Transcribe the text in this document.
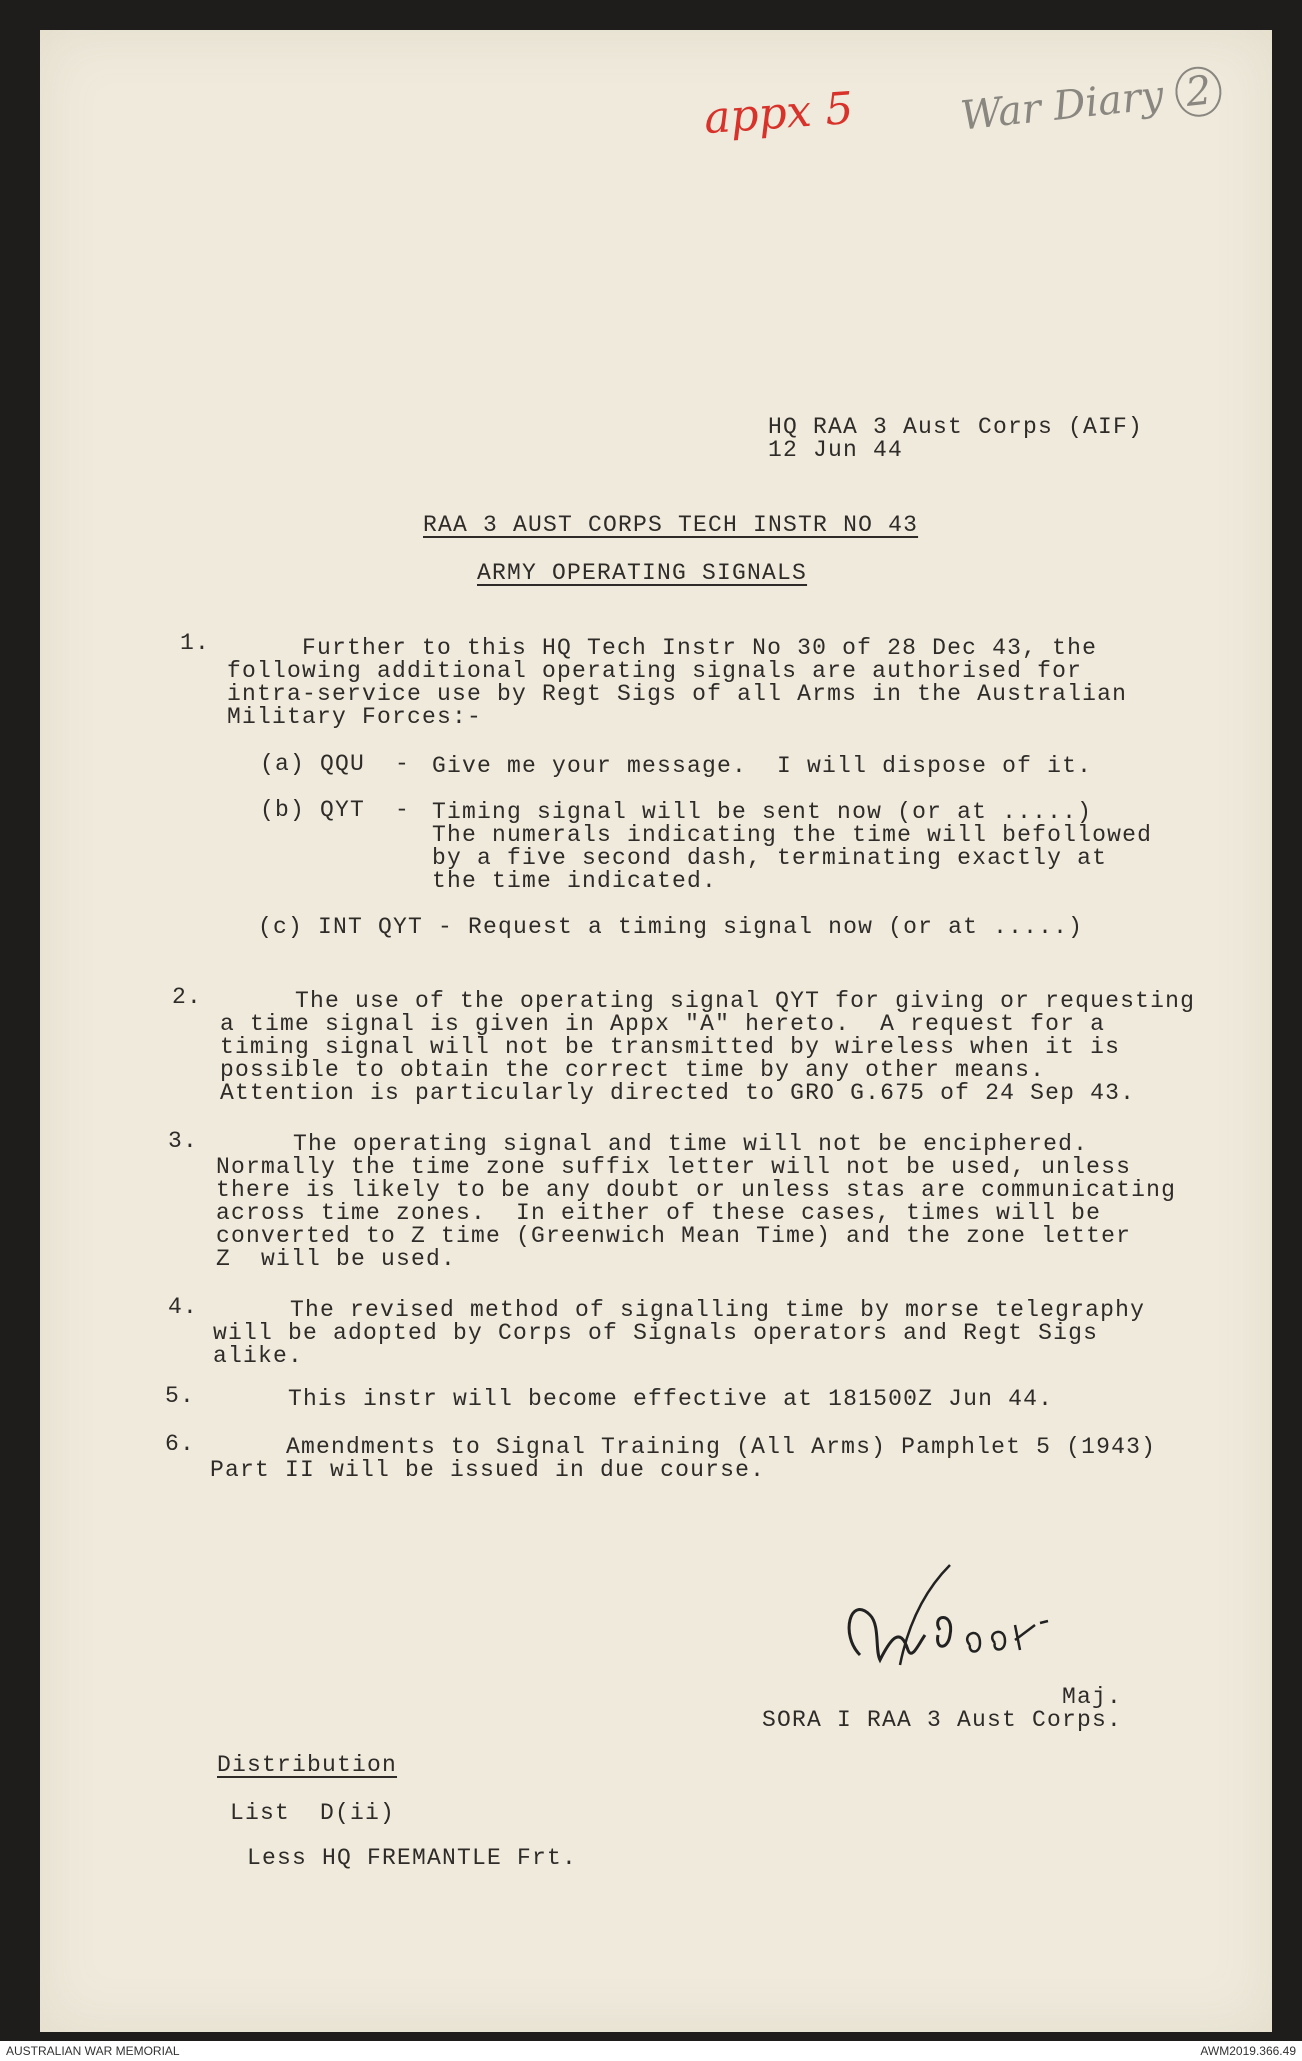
appx 5	War Diary 2
HQ RAA 3 Aust Corps (AIF)
12 Jun 44
RAA 3 AUST CORPS TECH INSTR NO 43
ARMY OPERATING SIGNALS
1.	Further to this HQ Tech Instr No 30 of 28 Dec 43, the
following additional operating signals are authorised for
intra-service use by Regt Sigs of all Arms in the Australian
Military Forces:-
(a) QQU  - Give me your message.  I will dispose of it.
(b) QYT  - Timing signal will be sent now (or at .....)
The numerals indicating the time will befollowed
by a five second dash, terminating exactly at
the time indicated.
(c) INT QYT - Request a timing signal now (or at .....)
2.	The use of the operating signal QYT for giving or requesting
a time signal is given in Appx "A" hereto.  A request for a
timing signal will not be transmitted by wireless when it is
possible to obtain the correct time by any other means.
Attention is particularly directed to GRO G.675 of 24 Sep 43.
3.	The operating signal and time will not be enciphered.
Normally the time zone suffix letter will not be used, unless
there is likely to be any doubt or unless stas are communicating
across time zones.  In either of these cases, times will be
converted to Z time (Greenwich Mean Time) and the zone letter
Z  will be used.
4.	The revised method of signalling time by morse telegraphy
will be adopted by Corps of Signals operators and Regt Sigs
alike.
5.	This instr will become effective at 181500Z Jun 44.
6.	Amendments to Signal Training (All Arms) Pamphlet 5 (1943)
Part II will be issued in due course.
Maj.
SORA I RAA 3 Aust Corps.
Distribution
List  D(ii)
Less HQ FREMANTLE Frt.
AUSTRALIAN WAR MEMORIAL	AWM2019.366.49
